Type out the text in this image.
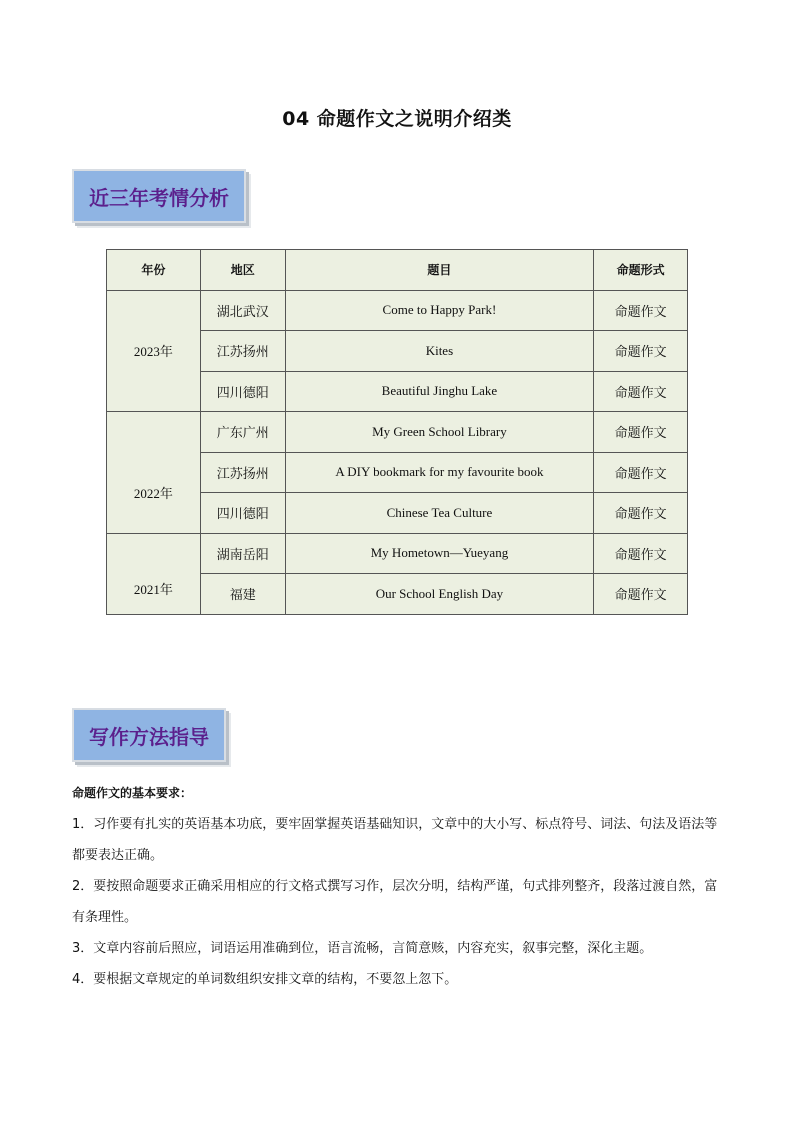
04 命题作文之说明介绍类
近三年考情分析
年份	地区	题目	命题形式
2023年	湖北武汉	Come to Happy Park!	命题作文
	江苏扬州	Kites	命题作文
	四川德阳	Beautiful Jinghu Lake	命题作文
2022年	广东广州	My Green School Library	命题作文
	江苏扬州	A DIY bookmark for my favourite book	命题作文
	四川德阳	Chinese Tea Culture	命题作文
2021年	湖南岳阳	My Hometown—Yueyang	命题作文
	福建	Our School English Day	命题作文
写作方法指导

命题作文的基本要求：

1．习作要有扎实的英语基本功底，要牢固掌握英语基础知识，文章中的大小写、标点符号、词法、句法及语法等都要表达正确。

2．要按照命题要求正确采用相应的行文格式撰写习作，层次分明，结构严谨，句式排列整齐，段落过渡自然，富有条理性。

3．文章内容前后照应，词语运用准确到位，语言流畅，言简意赅，内容充实，叙事完整，深化主题。

4．要根据文章规定的单词数组织安排文章的结构，不要忽上忽下。
